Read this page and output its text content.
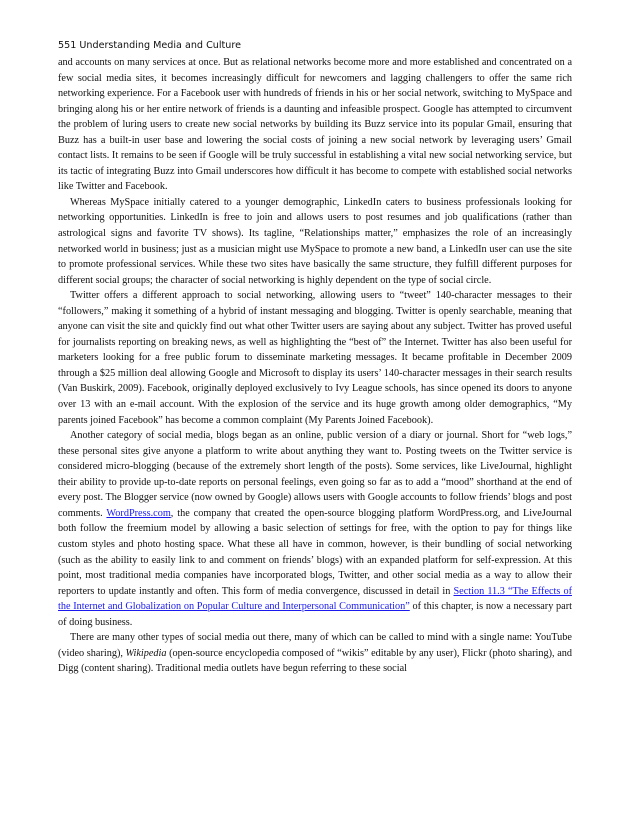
551 Understanding Media and Culture

and accounts on many services at once. But as relational networks become more and more established and concentrated on a few social media sites, it becomes increasingly difficult for newcomers and lagging challengers to offer the same rich networking experience. For a Facebook user with hundreds of friends in his or her social network, switching to MySpace and bringing along his or her entire network of friends is a daunting and infeasible prospect. Google has attempted to circumvent the problem of luring users to create new social networks by building its Buzz service into its popular Gmail, ensuring that Buzz has a built-in user base and lowering the social costs of joining a new social network by leveraging users’ Gmail contact lists. It remains to be seen if Google will be truly successful in establishing a vital new social networking service, but its tactic of integrating Buzz into Gmail underscores how difficult it has become to compete with established social networks like Twitter and Facebook.

Whereas MySpace initially catered to a younger demographic, LinkedIn caters to business professionals looking for networking opportunities. LinkedIn is free to join and allows users to post resumes and job qualifications (rather than astrological signs and favorite TV shows). Its tagline, “Relationships matter,” emphasizes the role of an increasingly networked world in business; just as a musician might use MySpace to promote a new band, a LinkedIn user can use the site to promote professional services. While these two sites have basically the same structure, they fulfill different purposes for different social groups; the character of social networking is highly dependent on the type of social circle.

Twitter offers a different approach to social networking, allowing users to “tweet” 140-character messages to their “followers,” making it something of a hybrid of instant messaging and blogging. Twitter is openly searchable, meaning that anyone can visit the site and quickly find out what other Twitter users are saying about any subject. Twitter has proved useful for journalists reporting on breaking news, as well as highlighting the “best of” the Internet. Twitter has also been useful for marketers looking for a free public forum to disseminate marketing messages. It became profitable in December 2009 through a $25 million deal allowing Google and Microsoft to display its users’ 140-character messages in their search results (Van Buskirk, 2009). Facebook, originally deployed exclusively to Ivy League schools, has since opened its doors to anyone over 13 with an e-mail account. With the explosion of the service and its huge growth among older demographics, “My parents joined Facebook” has become a common complaint (My Parents Joined Facebook).

Another category of social media, blogs began as an online, public version of a diary or journal. Short for “web logs,” these personal sites give anyone a platform to write about anything they want to. Posting tweets on the Twitter service is considered micro-blogging (because of the extremely short length of the posts). Some services, like LiveJournal, highlight their ability to provide up-to-date reports on personal feelings, even going so far as to add a “mood” shorthand at the end of every post. The Blogger service (now owned by Google) allows users with Google accounts to follow friends’ blogs and post comments. WordPress.com, the company that created the open-source blogging platform WordPress.org, and LiveJournal both follow the freemium model by allowing a basic selection of settings for free, with the option to pay for things like custom styles and photo hosting space. What these all have in common, however, is their bundling of social networking (such as the ability to easily link to and comment on friends’ blogs) with an expanded platform for self-expression. At this point, most traditional media companies have incorporated blogs, Twitter, and other social media as a way to allow their reporters to update instantly and often. This form of media convergence, discussed in detail in Section 11.3 “The Effects of the Internet and Globalization on Popular Culture and Interpersonal Communication” of this chapter, is now a necessary part of doing business.

There are many other types of social media out there, many of which can be called to mind with a single name: YouTube (video sharing), Wikipedia (open-source encyclopedia composed of “wikis” editable by any user), Flickr (photo sharing), and Digg (content sharing). Traditional media outlets have begun referring to these social
